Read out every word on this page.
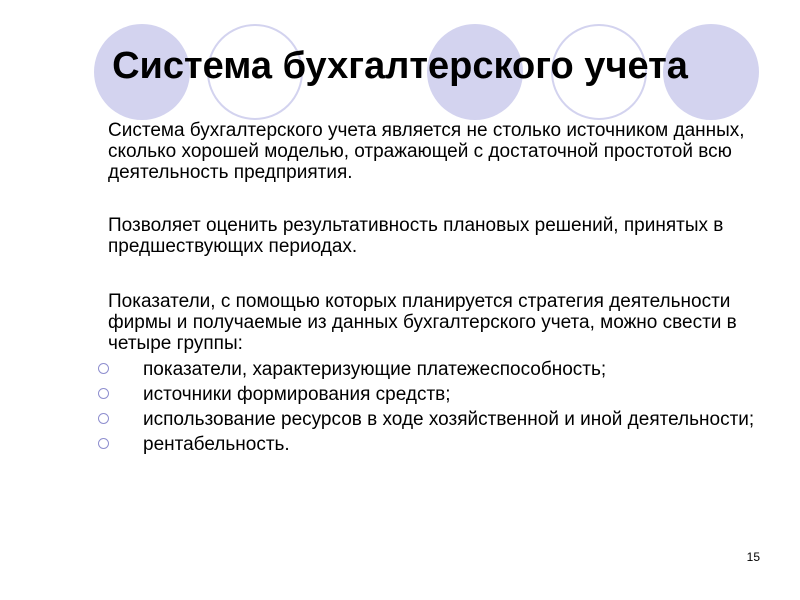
Система бухгалтерского учета

Система бухгалтерского учета является не столько источником данных, сколько хорошей моделью, отражающей с достаточной простотой всю деятельность предприятия.

Позволяет оценить результативность плановых решений, принятых в предшествующих периодах.

Показатели, с помощью которых планируется стратегия деятельности фирмы и получаемые из данных бухгалтерского учета, можно свести в четыре группы:

показатели, характеризующие платежеспособность;
источники формирования средств;
использование ресурсов в ходе хозяйственной и иной деятельности;
рентабельность.
15
